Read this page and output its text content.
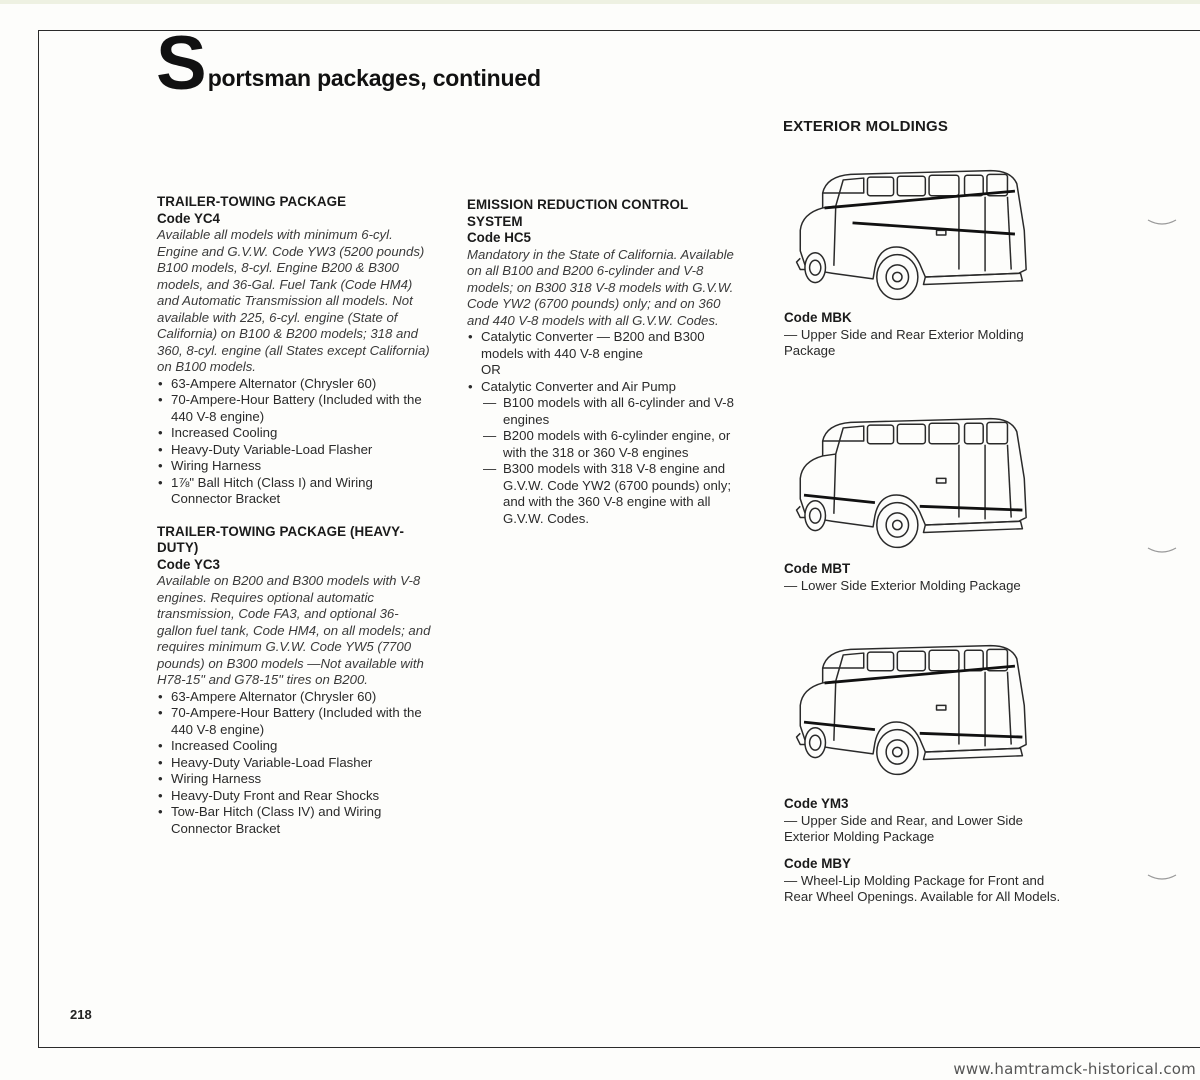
S portsman packages, continued
TRAILER-TOWING PACKAGE
Code YC4
Available all models with minimum 6-cyl. Engine and G.V.W. Code YW3 (5200 pounds) B100 models, 8-cyl. Engine B200 & B300 models, and 36-Gal. Fuel Tank (Code HM4) and Automatic Transmission all models. Not available with 225, 6-cyl. engine (State of California) on B100 & B200 models; 318 and 360, 8-cyl. engine (all States except California) on B100 models.
• 63-Ampere Alternator (Chrysler 60)
• 70-Ampere-Hour Battery (Included with the 440 V-8 engine)
• Increased Cooling
• Heavy-Duty Variable-Load Flasher
• Wiring Harness
• 1⅞" Ball Hitch (Class I) and Wiring Connector Bracket
TRAILER-TOWING PACKAGE (HEAVY-DUTY)
Code YC3
Available on B200 and B300 models with V-8 engines. Requires optional automatic transmission, Code FA3, and optional 36-gallon fuel tank, Code HM4, on all models; and requires minimum G.V.W. Code YW5 (7700 pounds) on B300 models —Not available with H78-15" and G78-15" tires on B200.
• 63-Ampere Alternator (Chrysler 60)
• 70-Ampere-Hour Battery (Included with the 440 V-8 engine)
• Increased Cooling
• Heavy-Duty Variable-Load Flasher
• Wiring Harness
• Heavy-Duty Front and Rear Shocks
• Tow-Bar Hitch (Class IV) and Wiring Connector Bracket
EMISSION REDUCTION CONTROL SYSTEM
Code HC5
Mandatory in the State of California. Available on all B100 and B200 6-cylinder and V-8 models; on B300 318 V-8 models with G.V.W. Code YW2 (6700 pounds) only; and on 360 and 440 V-8 models with all G.V.W. Codes.
• Catalytic Converter — B200 and B300 models with 440 V-8 engine
OR
• Catalytic Converter and Air Pump
— B100 models with all 6-cylinder and V-8 engines
— B200 models with 6-cylinder engine, or with the 318 or 360 V-8 engines
— B300 models with 318 V-8 engine and G.V.W. Code YW2 (6700 pounds) only; and with the 360 V-8 engine with all G.V.W. Codes.
EXTERIOR MOLDINGS
Code MBK
— Upper Side and Rear Exterior Molding Package
Code MBT
— Lower Side Exterior Molding Package
Code YM3
— Upper Side and Rear, and Lower Side Exterior Molding Package
Code MBY
— Wheel-Lip Molding Package for Front and Rear Wheel Openings. Available for All Models.
218
www.hamtramck-historical.com
